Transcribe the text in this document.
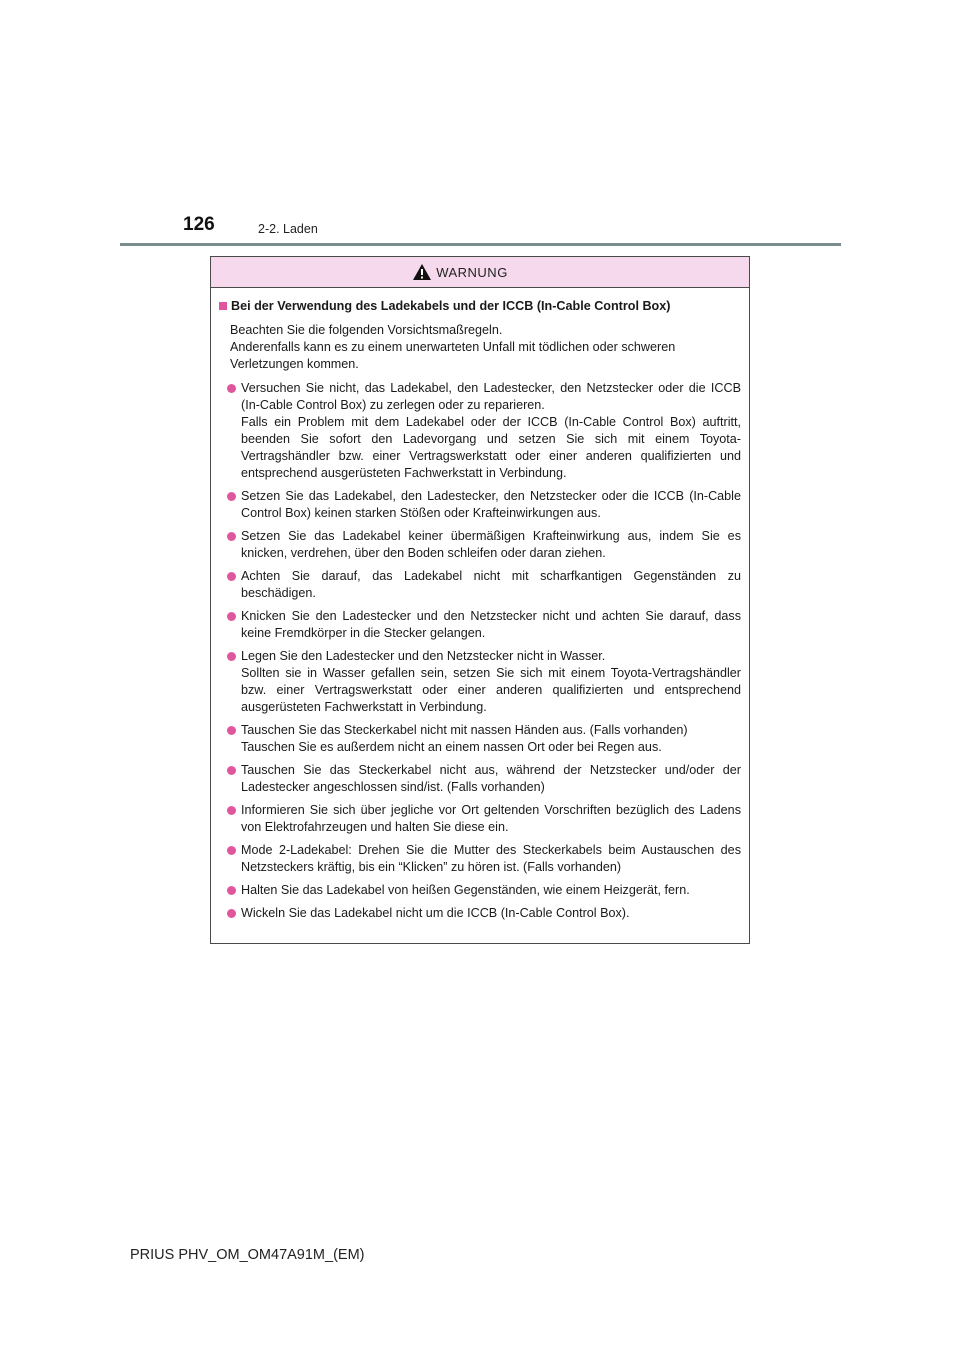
126	2-2. Laden
WARNUNG
Bei der Verwendung des Ladekabels und der ICCB (In-Cable Control Box)
Beachten Sie die folgenden Vorsichtsmaßregeln.
Anderenfalls kann es zu einem unerwarteten Unfall mit tödlichen oder schweren Verletzungen kommen.
Versuchen Sie nicht, das Ladekabel, den Ladestecker, den Netzstecker oder die ICCB (In-Cable Control Box) zu zerlegen oder zu reparieren.
Falls ein Problem mit dem Ladekabel oder der ICCB (In-Cable Control Box) auftritt, beenden Sie sofort den Ladevorgang und setzen Sie sich mit einem Toyota-Vertragshändler bzw. einer Vertragswerkstatt oder einer anderen qualifizierten und entsprechend ausgerüsteten Fachwerkstatt in Verbindung.
Setzen Sie das Ladekabel, den Ladestecker, den Netzstecker oder die ICCB (In-Cable Control Box) keinen starken Stößen oder Krafteinwirkungen aus.
Setzen Sie das Ladekabel keiner übermäßigen Krafteinwirkung aus, indem Sie es knicken, verdrehen, über den Boden schleifen oder daran ziehen.
Achten Sie darauf, das Ladekabel nicht mit scharfkantigen Gegenständen zu beschädigen.
Knicken Sie den Ladestecker und den Netzstecker nicht und achten Sie darauf, dass keine Fremdkörper in die Stecker gelangen.
Legen Sie den Ladestecker und den Netzstecker nicht in Wasser.
Sollten sie in Wasser gefallen sein, setzen Sie sich mit einem Toyota-Vertragshändler bzw. einer Vertragswerkstatt oder einer anderen qualifizierten und entsprechend ausgerüsteten Fachwerkstatt in Verbindung.
Tauschen Sie das Steckerkabel nicht mit nassen Händen aus. (Falls vorhanden)
Tauschen Sie es außerdem nicht an einem nassen Ort oder bei Regen aus.
Tauschen Sie das Steckerkabel nicht aus, während der Netzstecker und/oder der Ladestecker angeschlossen sind/ist. (Falls vorhanden)
Informieren Sie sich über jegliche vor Ort geltenden Vorschriften bezüglich des Ladens von Elektrofahrzeugen und halten Sie diese ein.
Mode 2-Ladekabel: Drehen Sie die Mutter des Steckerkabels beim Austauschen des Netzsteckers kräftig, bis ein “Klicken” zu hören ist. (Falls vorhanden)
Halten Sie das Ladekabel von heißen Gegenständen, wie einem Heizgerät, fern.
Wickeln Sie das Ladekabel nicht um die ICCB (In-Cable Control Box).
PRIUS PHV_OM_OM47A91M_(EM)
